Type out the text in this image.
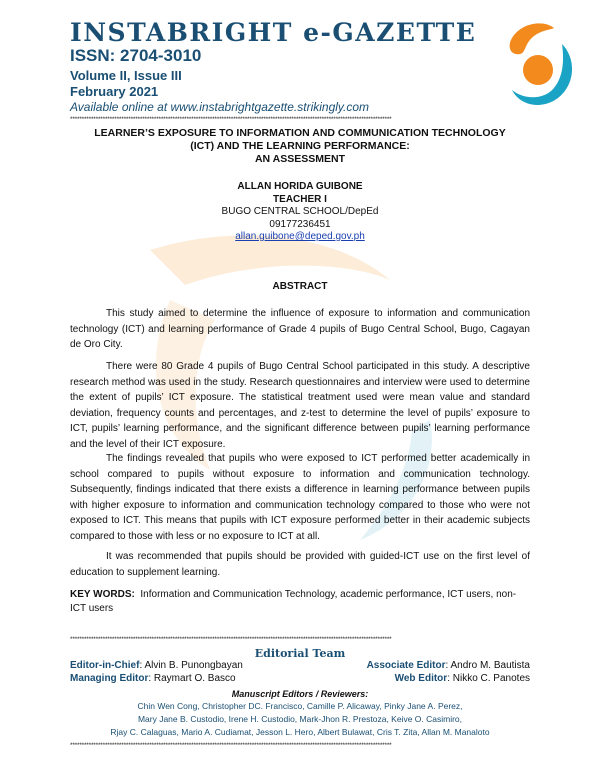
INSTABRIGHT e-GAZETTE
ISSN: 2704-3010
Volume II, Issue III
February 2021
Available online at www.instabrightgazette.strikingly.com
******************************************************************************************************************************************
LEARNER’S EXPOSURE TO INFORMATION AND COMMUNICATION TECHNOLOGY
(ICT) AND THE LEARNING PERFORMANCE:
AN ASSESSMENT
ALLAN HORIDA GUIBONE
TEACHER I
BUGO CENTRAL SCHOOL/DepEd
09177236451
allan.guibone@deped.gov.ph
ABSTRACT
This study aimed to determine the influence of exposure to information and communication technology (ICT) and learning performance of Grade 4 pupils of Bugo Central School, Bugo, Cagayan de Oro City.
There were 80 Grade 4 pupils of Bugo Central School participated in this study. A descriptive research method was used in the study. Research questionnaires and interview were used to determine the extent of pupils’ ICT exposure. The statistical treatment used were mean value and standard deviation, frequency counts and percentages, and z-test to determine the level of pupils’ exposure to ICT, pupils’ learning performance, and the significant difference between pupils’ learning performance and the level of their ICT exposure.
The findings revealed that pupils who were exposed to ICT performed better academically in school compared to pupils without exposure to information and communication technology. Subsequently, findings indicated that there exists a difference in learning performance between pupils with higher exposure to information and communication technology compared to those who were not exposed to ICT. This means that pupils with ICT exposure performed better in their academic subjects compared to those with less or no exposure to ICT at all.
It was recommended that pupils should be provided with guided-ICT use on the first level of education to supplement learning.
KEY WORDS: Information and Communication Technology, academic performance, ICT users, non-ICT users
******************************************************************************************************************************************
Editorial Team
Editor-in-Chief: Alvin B. Punongbayan	Associate Editor: Andro M. Bautista
Managing Editor: Raymart O. Basco	Web Editor: Nikko C. Panotes
Manuscript Editors / Reviewers:
Chin Wen Cong, Christopher DC. Francisco, Camille P. Alicaway, Pinky Jane A. Perez,
Mary Jane B. Custodio, Irene H. Custodio, Mark-Jhon R. Prestoza, Keive O. Casimiro,
Rjay C. Calaguas, Mario A. Cudiamat, Jesson L. Hero, Albert Bulawat, Cris T. Zita, Allan M. Manaloto
******************************************************************************************************************************************
